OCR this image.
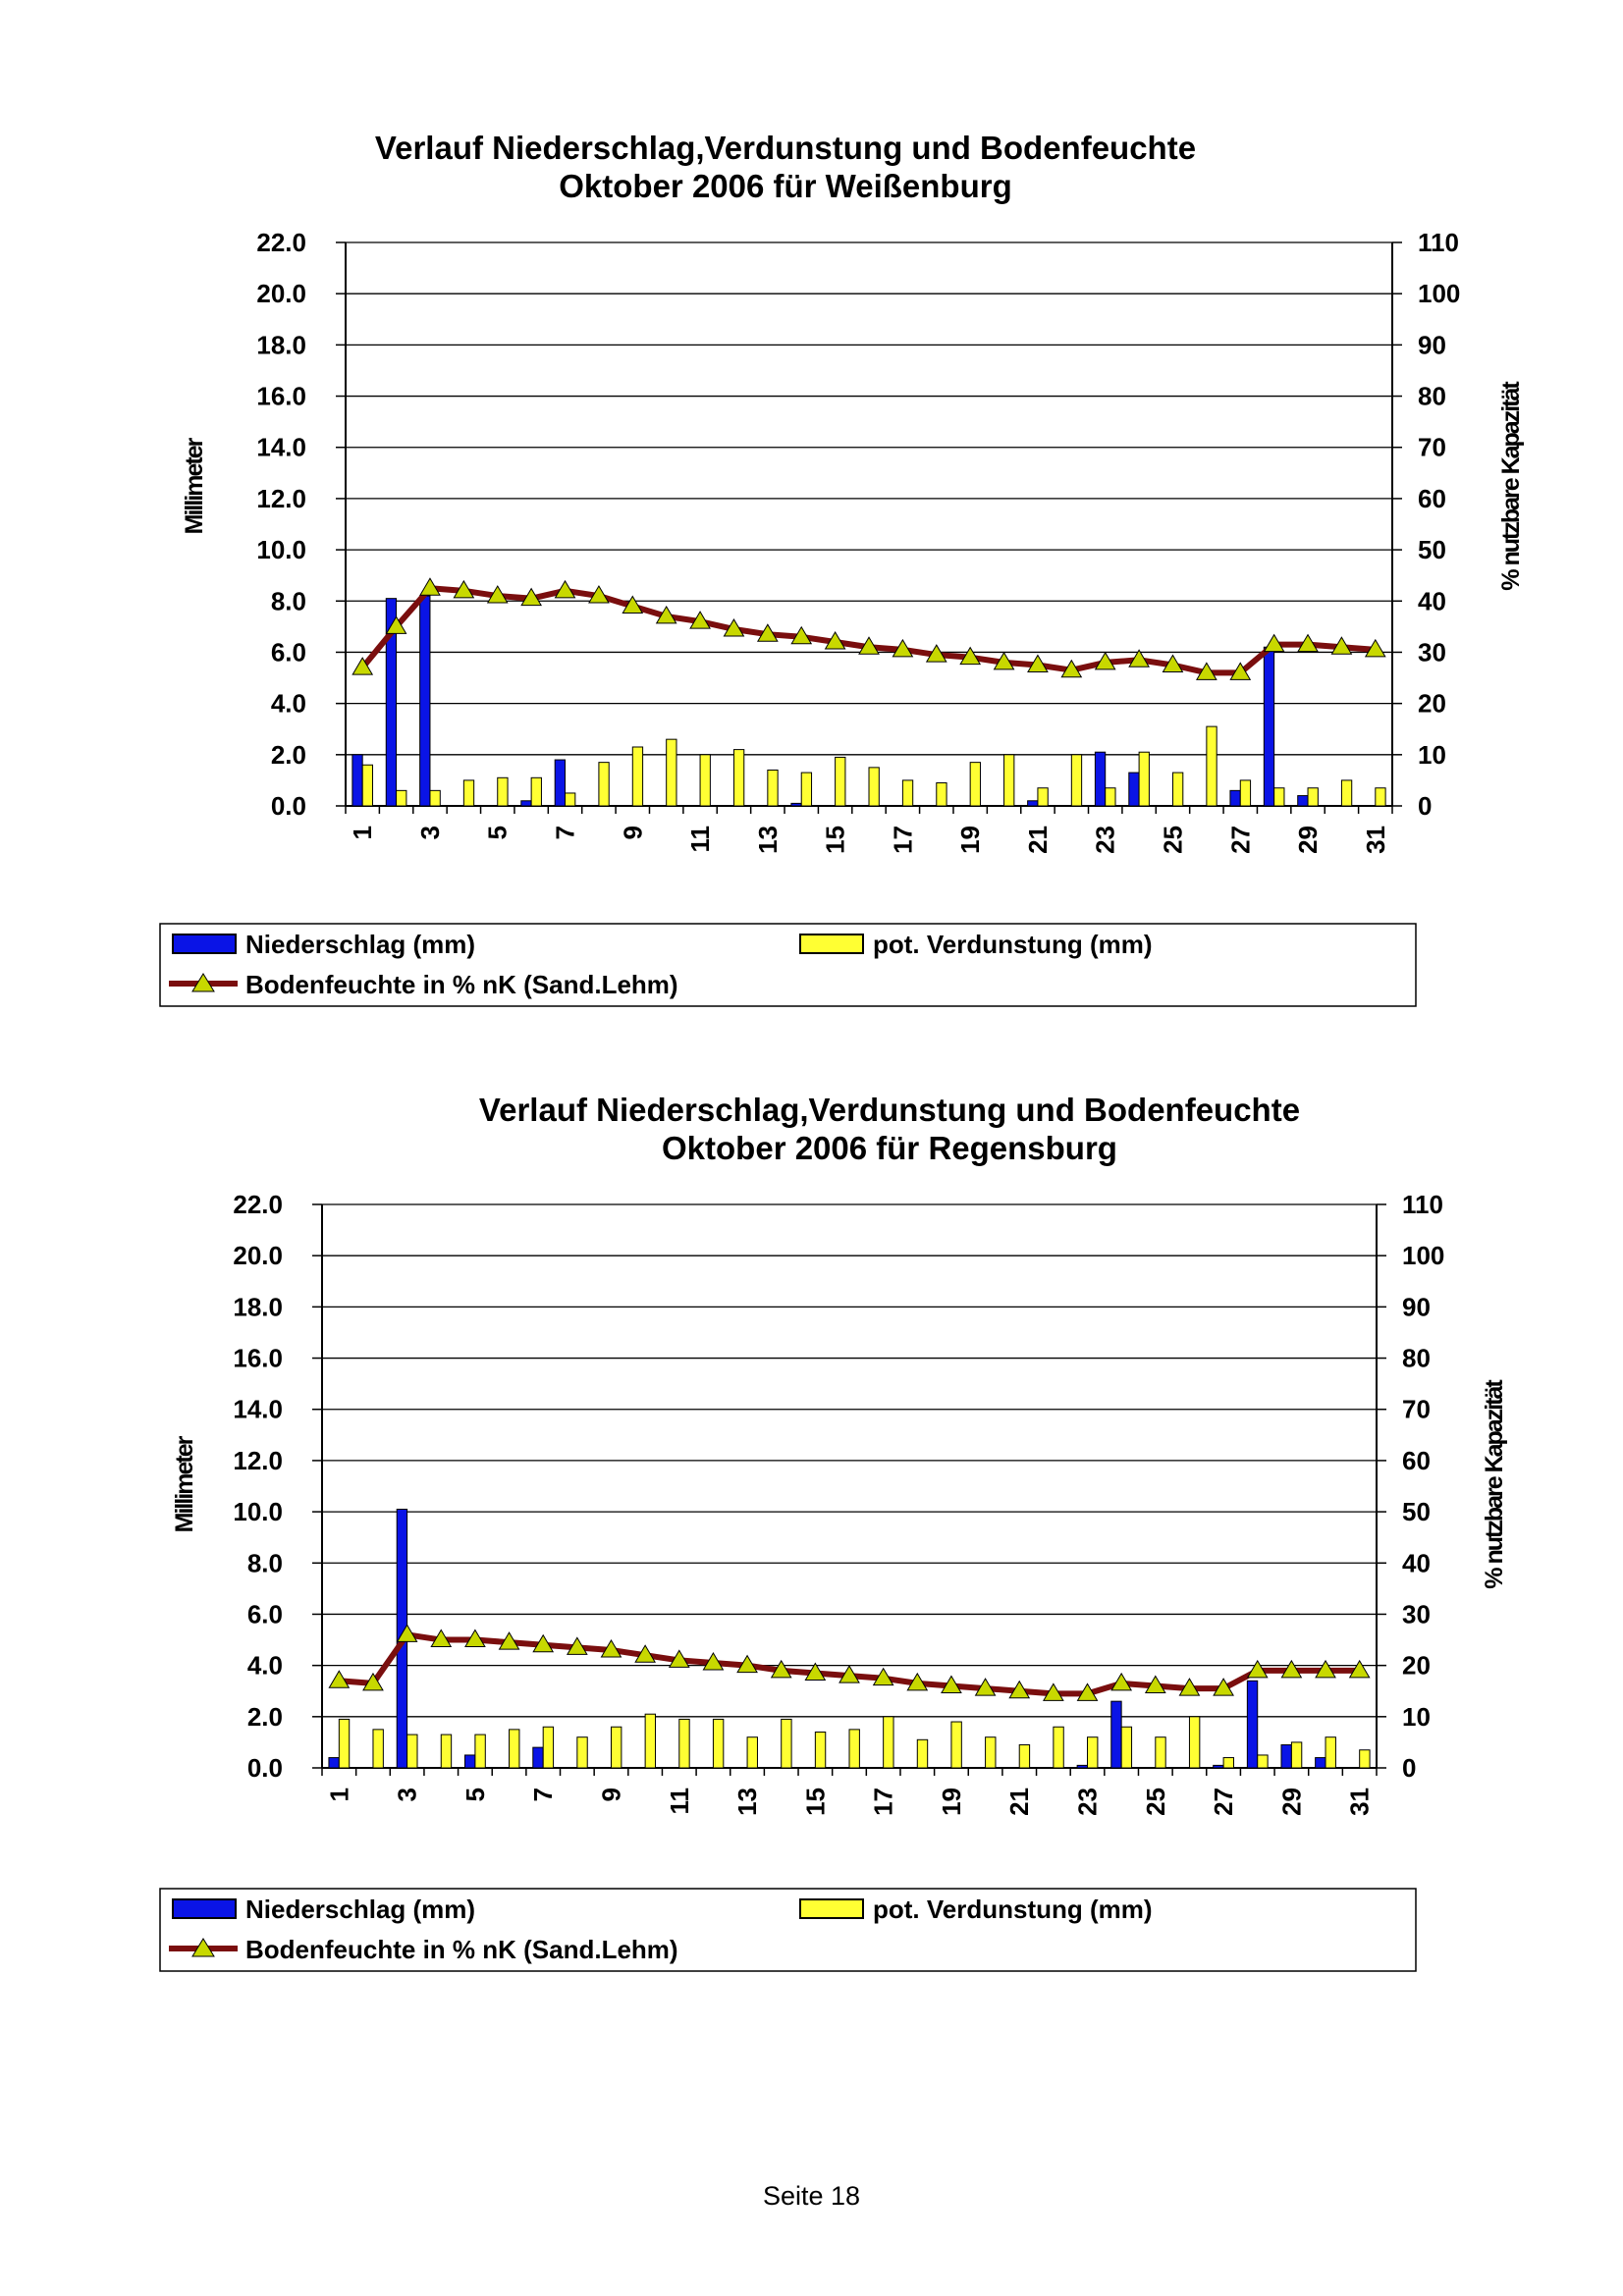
Verlauf Niederschlag,Verdunstung und Bodenfeuchte
Oktober 2006 für Weißenburg
Millimeter	% nutzbare Kapazität
0.0	0
2.0	10
4.0	20
6.0	30
8.0	40
10.0	50
12.0	60
14.0	70
16.0	80
18.0	90
20.0	100
22.0	110
1 3 5 7 9 11 13 15 17 19 21 23 25 27 29 31
Niederschlag (mm)	pot. Verdunstung (mm)
Bodenfeuchte in % nK (Sand.Lehm)
Verlauf Niederschlag,Verdunstung und Bodenfeuchte
Oktober 2006 für Regensburg
Millimeter	% nutzbare Kapazität
0.0	0
2.0	10
4.0	20
6.0	30
8.0	40
10.0	50
12.0	60
14.0	70
16.0	80
18.0	90
20.0	100
22.0	110
1 3 5 7 9 11 13 15 17 19 21 23 25 27 29 31
Niederschlag (mm)	pot. Verdunstung (mm)
Bodenfeuchte in % nK (Sand.Lehm)
Seite 18
